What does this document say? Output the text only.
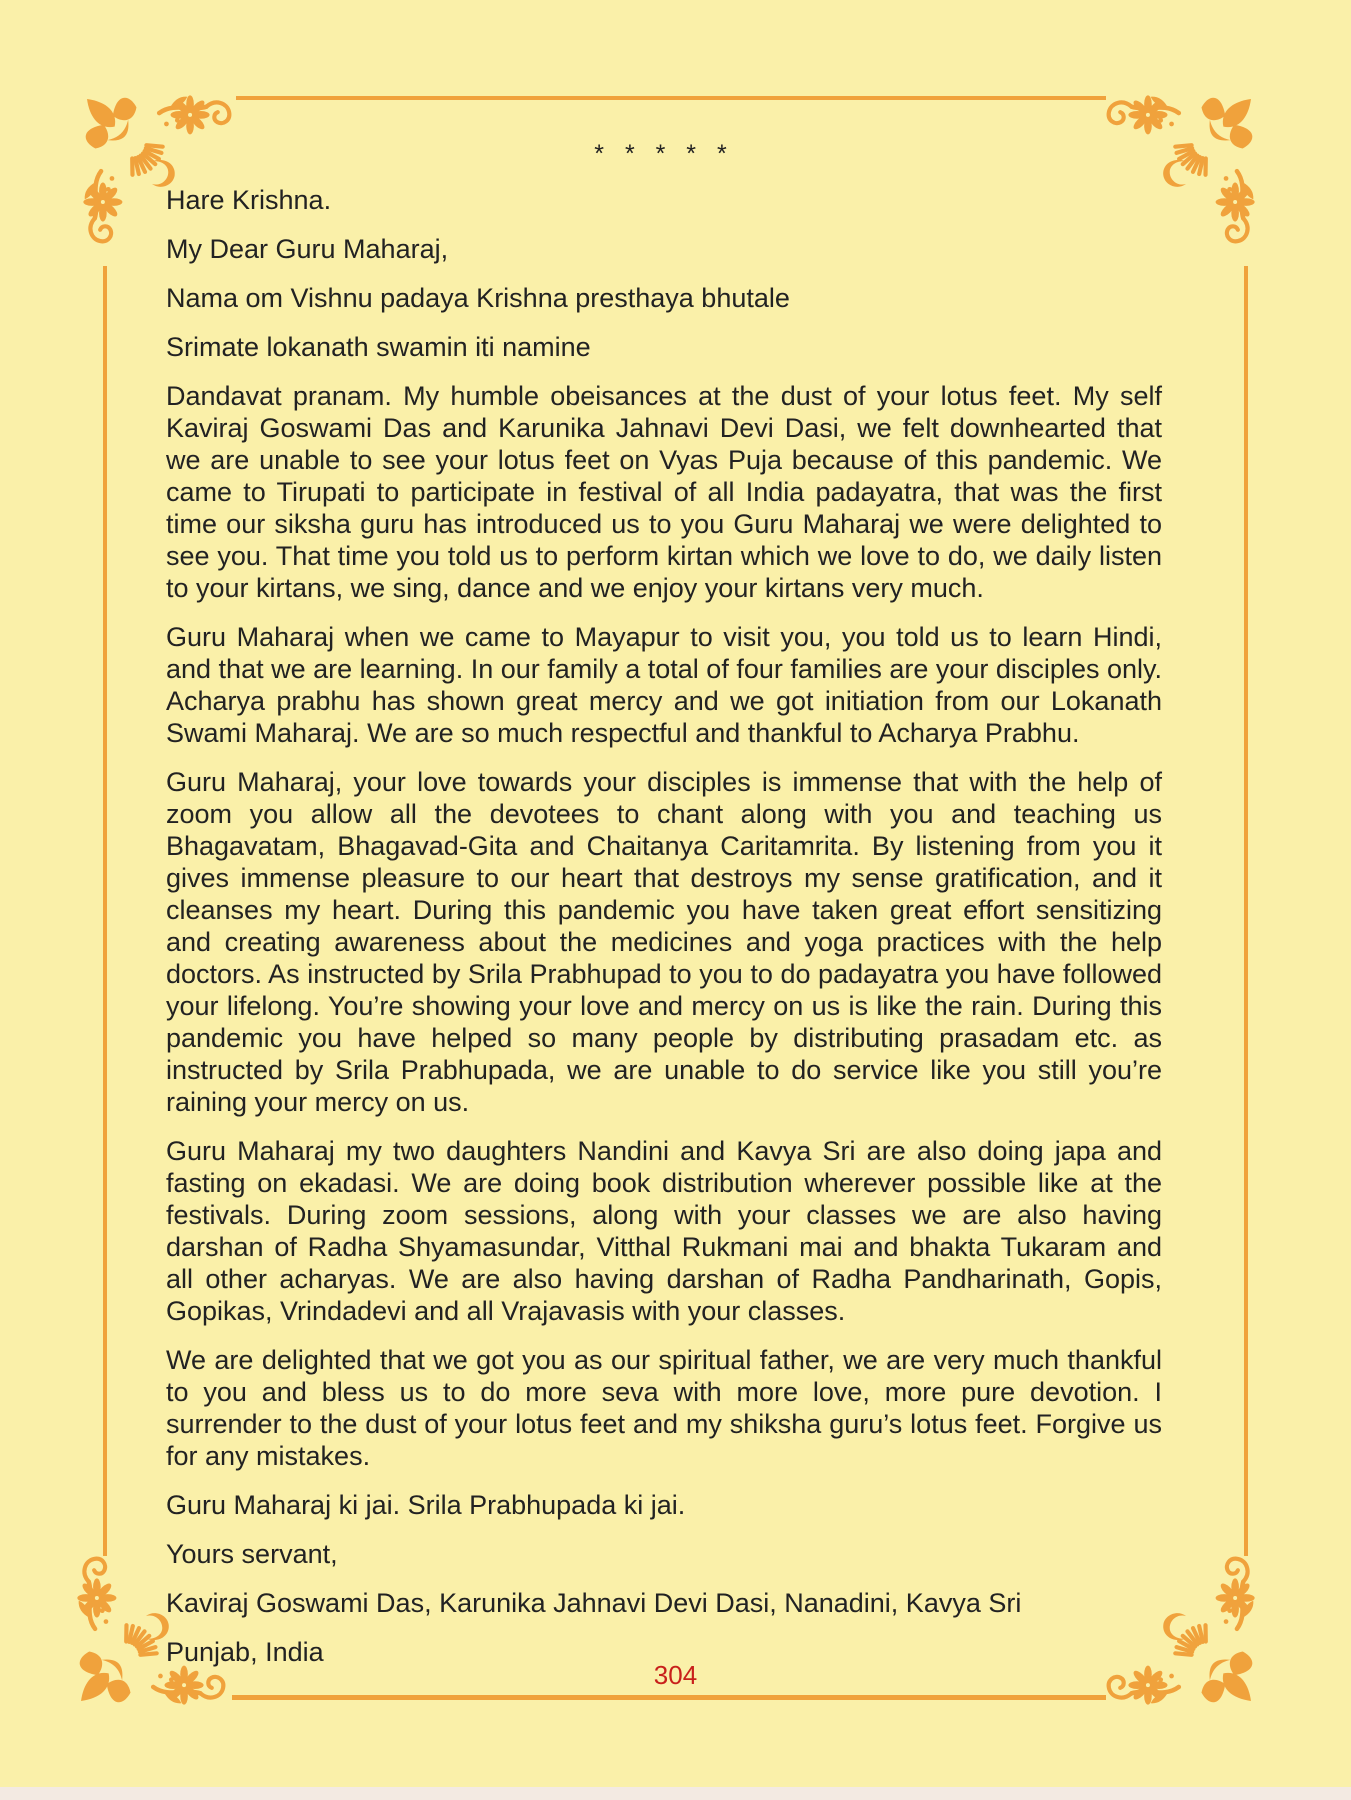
* * * * *

Hare Krishna.

My Dear Guru Maharaj,

Nama om Vishnu padaya Krishna presthaya bhutale

Srimate lokanath swamin iti namine

Dandavat pranam. My humble obeisances at the dust of your lotus feet. My self Kaviraj Goswami Das and Karunika Jahnavi Devi Dasi, we felt downhearted that we are unable to see your lotus feet on Vyas Puja because of this pandemic. We came to Tirupati to participate in festival of all India padayatra, that was the first time our siksha guru has introduced us to you Guru Maharaj we were delighted to see you. That time you told us to perform kirtan which we love to do, we daily listen to your kirtans, we sing, dance and we enjoy your kirtans very much.

Guru Maharaj when we came to Mayapur to visit you, you told us to learn Hindi, and that we are learning. In our family a total of four families are your disciples only. Acharya prabhu has shown great mercy and we got initiation from our Lokanath Swami Maharaj. We are so much respectful and thankful to Acharya Prabhu.

Guru Maharaj, your love towards your disciples is immense that with the help of zoom you allow all the devotees to chant along with you and teaching us Bhagavatam, Bhagavad-Gita and Chaitanya Caritamrita. By listening from you it gives immense pleasure to our heart that destroys my sense gratification, and it cleanses my heart. During this pandemic you have taken great effort sensitizing and creating awareness about the medicines and yoga practices with the help doctors. As instructed by Srila Prabhupad to you to do padayatra you have followed your lifelong. You’re showing your love and mercy on us is like the rain. During this pandemic you have helped so many people by distributing prasadam etc. as instructed by Srila Prabhupada, we are unable to do service like you still you’re raining your mercy on us.

Guru Maharaj my two daughters Nandini and Kavya Sri are also doing japa and fasting on ekadasi. We are doing book distribution wherever possible like at the festivals. During zoom sessions, along with your classes we are also having darshan of Radha Shyamasundar, Vitthal Rukmani mai and bhakta Tukaram and all other acharyas. We are also having darshan of Radha Pandharinath, Gopis, Gopikas, Vrindadevi and all Vrajavasis with your classes.

We are delighted that we got you as our spiritual father, we are very much thankful to you and bless us to do more seva with more love, more pure devotion. I surrender to the dust of your lotus feet and my shiksha guru’s lotus feet. Forgive us for any mistakes.

Guru Maharaj ki jai. Srila Prabhupada ki jai.

Yours servant,

Kaviraj Goswami Das, Karunika Jahnavi Devi Dasi, Nanadini, Kavya Sri

Punjab, India

304
